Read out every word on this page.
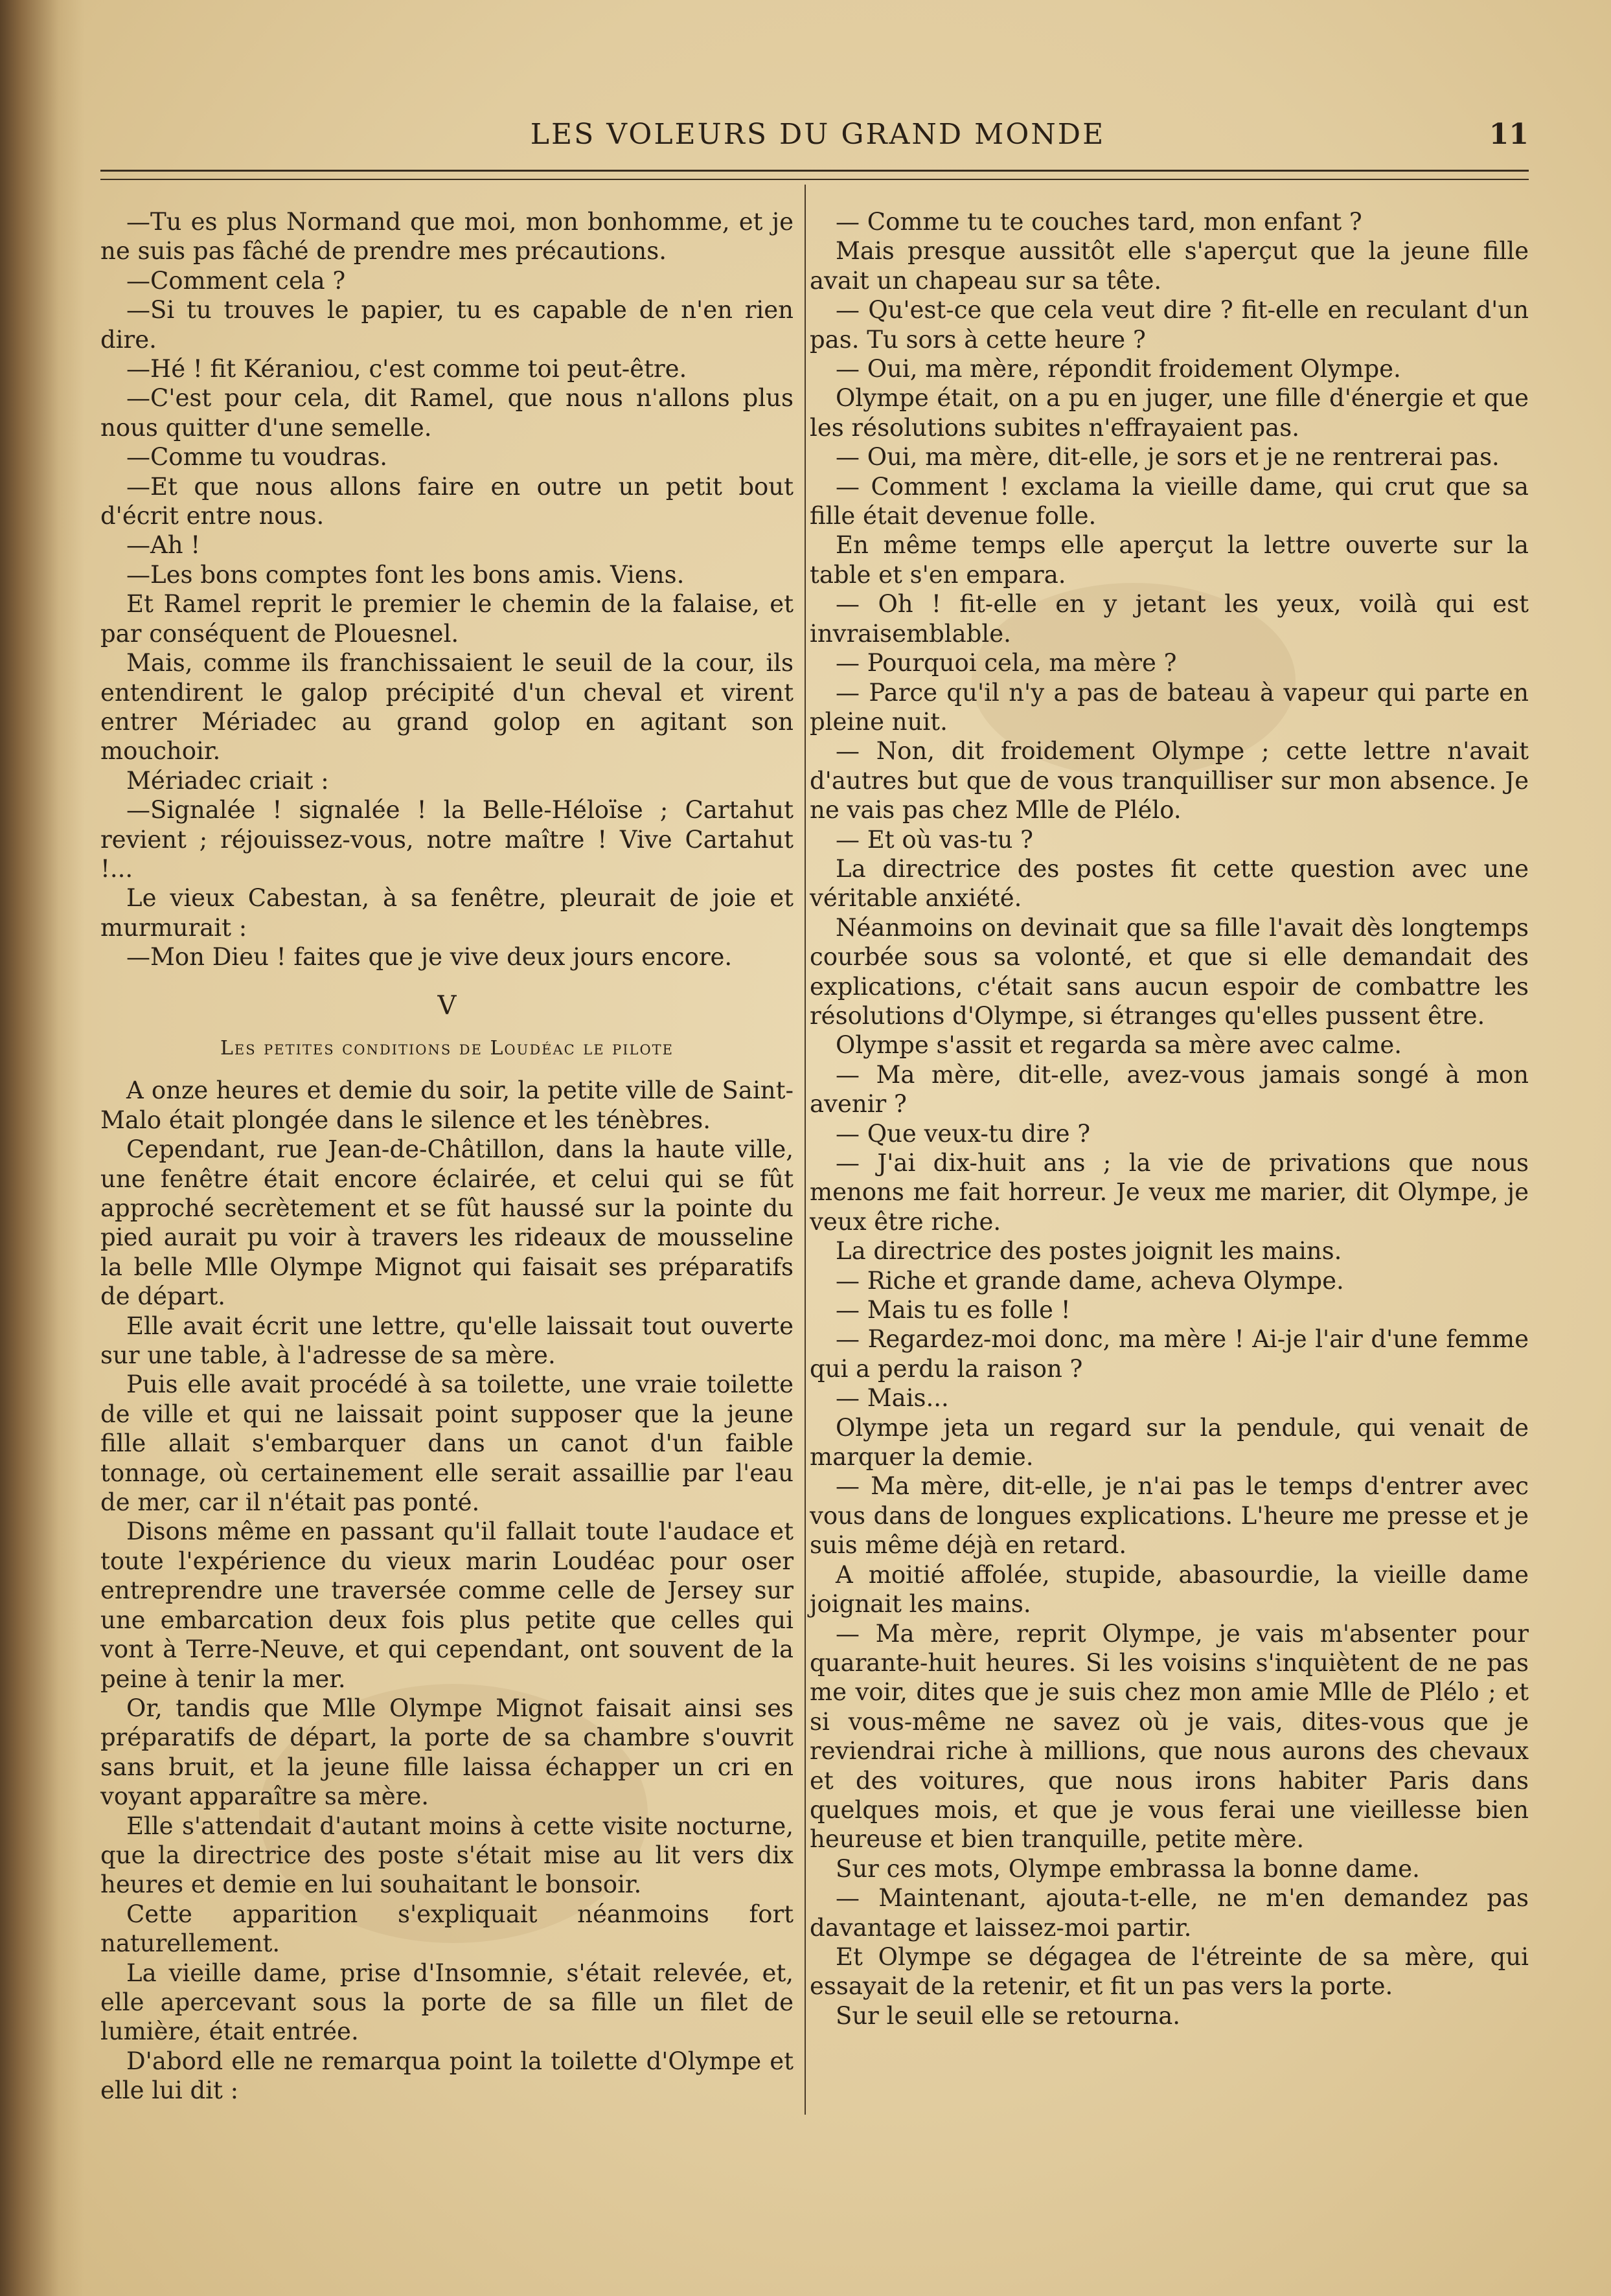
LES VOLEURS DU GRAND MONDE	11

—Tu es plus Normand que moi, mon bonhomme, et je ne suis pas fâché de prendre mes précautions.

—Comment cela ?

—Si tu trouves le papier, tu es capable de n'en rien dire.

—Hé ! fit Kéraniou, c'est comme toi peut-être.

—C'est pour cela, dit Ramel, que nous n'allons plus nous quitter d'une semelle.

—Comme tu voudras.

—Et que nous allons faire en outre un petit bout d'écrit entre nous.

—Ah !

—Les bons comptes font les bons amis. Viens.

Et Ramel reprit le premier le chemin de la falaise, et par conséquent de Plouesnel.

Mais, comme ils franchissaient le seuil de la cour, ils entendirent le galop précipité d'un cheval et virent entrer Mériadec au grand golop en agitant son mouchoir.

Mériadec criait :

—Signalée ! signalée ! la Belle-Héloïse ; Cartahut revient ; réjouissez-vous, notre maître ! Vive Cartahut !...

Le vieux Cabestan, à sa fenêtre, pleurait de joie et murmurait :

—Mon Dieu ! faites que je vive deux jours encore.

V

Les petites conditions de Loudéac le pilote

A onze heures et demie du soir, la petite ville de Saint-Malo était plongée dans le silence et les ténèbres.

Cependant, rue Jean-de-Châtillon, dans la haute ville, une fenêtre était encore éclairée, et celui qui se fût approché secrètement et se fût haussé sur la pointe du pied aurait pu voir à travers les rideaux de mousseline la belle Mlle Olympe Mignot qui faisait ses préparatifs de départ.

Elle avait écrit une lettre, qu'elle laissait tout ouverte sur une table, à l'adresse de sa mère.

Puis elle avait procédé à sa toilette, une vraie toilette de ville et qui ne laissait point supposer que la jeune fille allait s'embarquer dans un canot d'un faible tonnage, où certainement elle serait assaillie par l'eau de mer, car il n'était pas ponté.

Disons même en passant qu'il fallait toute l'audace et toute l'expérience du vieux marin Loudéac pour oser entreprendre une traversée comme celle de Jersey sur une embarcation deux fois plus petite que celles qui vont à Terre-Neuve, et qui cependant, ont souvent de la peine à tenir la mer.

Or, tandis que Mlle Olympe Mignot faisait ainsi ses préparatifs de départ, la porte de sa chambre s'ouvrit sans bruit, et la jeune fille laissa échapper un cri en voyant apparaître sa mère.

Elle s'attendait d'autant moins à cette visite nocturne, que la directrice des poste s'était mise au lit vers dix heures et demie en lui souhaitant le bonsoir.

Cette apparition s'expliquait néanmoins fort naturellement.

La vieille dame, prise d'Insomnie, s'était relevée, et, elle apercevant sous la porte de sa fille un filet de lumière, était entrée.

D'abord elle ne remarqua point la toilette d'Olympe et elle lui dit :

— Comme tu te couches tard, mon enfant ?

Mais presque aussitôt elle s'aperçut que la jeune fille avait un chapeau sur sa tête.

— Qu'est-ce que cela veut dire ? fit-elle en reculant d'un pas. Tu sors à cette heure ?

— Oui, ma mère, répondit froidement Olympe.

Olympe était, on a pu en juger, une fille d'énergie et que les résolutions subites n'effrayaient pas.

— Oui, ma mère, dit-elle, je sors et je ne rentrerai pas.

— Comment ! exclama la vieille dame, qui crut que sa fille était devenue folle.

En même temps elle aperçut la lettre ouverte sur la table et s'en empara.

— Oh ! fit-elle en y jetant les yeux, voilà qui est invraisemblable.

— Pourquoi cela, ma mère ?

— Parce qu'il n'y a pas de bateau à vapeur qui parte en pleine nuit.

— Non, dit froidement Olympe ; cette lettre n'avait d'autres but que de vous tranquilliser sur mon absence. Je ne vais pas chez Mlle de Plélo.

— Et où vas-tu ?

La directrice des postes fit cette question avec une véritable anxiété.

Néanmoins on devinait que sa fille l'avait dès longtemps courbée sous sa volonté, et que si elle demandait des explications, c'était sans aucun espoir de combattre les résolutions d'Olympe, si étranges qu'elles pussent être.

Olympe s'assit et regarda sa mère avec calme.

— Ma mère, dit-elle, avez-vous jamais songé à mon avenir ?

— Que veux-tu dire ?

— J'ai dix-huit ans ; la vie de privations que nous menons me fait horreur. Je veux me marier, dit Olympe, je veux être riche.

La directrice des postes joignit les mains.

— Riche et grande dame, acheva Olympe.

— Mais tu es folle !

— Regardez-moi donc, ma mère ! Ai-je l'air d'une femme qui a perdu la raison ?

— Mais...

Olympe jeta un regard sur la pendule, qui venait de marquer la demie.

— Ma mère, dit-elle, je n'ai pas le temps d'entrer avec vous dans de longues explications. L'heure me presse et je suis même déjà en retard.

A moitié affolée, stupide, abasourdie, la vieille dame joignait les mains.

— Ma mère, reprit Olympe, je vais m'absenter pour quarante-huit heures. Si les voisins s'inquiètent de ne pas me voir, dites que je suis chez mon amie Mlle de Plélo ; et si vous-même ne savez où je vais, dites-vous que je reviendrai riche à millions, que nous aurons des chevaux et des voitures, que nous irons habiter Paris dans quelques mois, et que je vous ferai une vieillesse bien heureuse et bien tranquille, petite mère.

Sur ces mots, Olympe embrassa la bonne dame.

— Maintenant, ajouta-t-elle, ne m'en demandez pas davantage et laissez-moi partir.

Et Olympe se dégagea de l'étreinte de sa mère, qui essayait de la retenir, et fit un pas vers la porte.

Sur le seuil elle se retourna.
